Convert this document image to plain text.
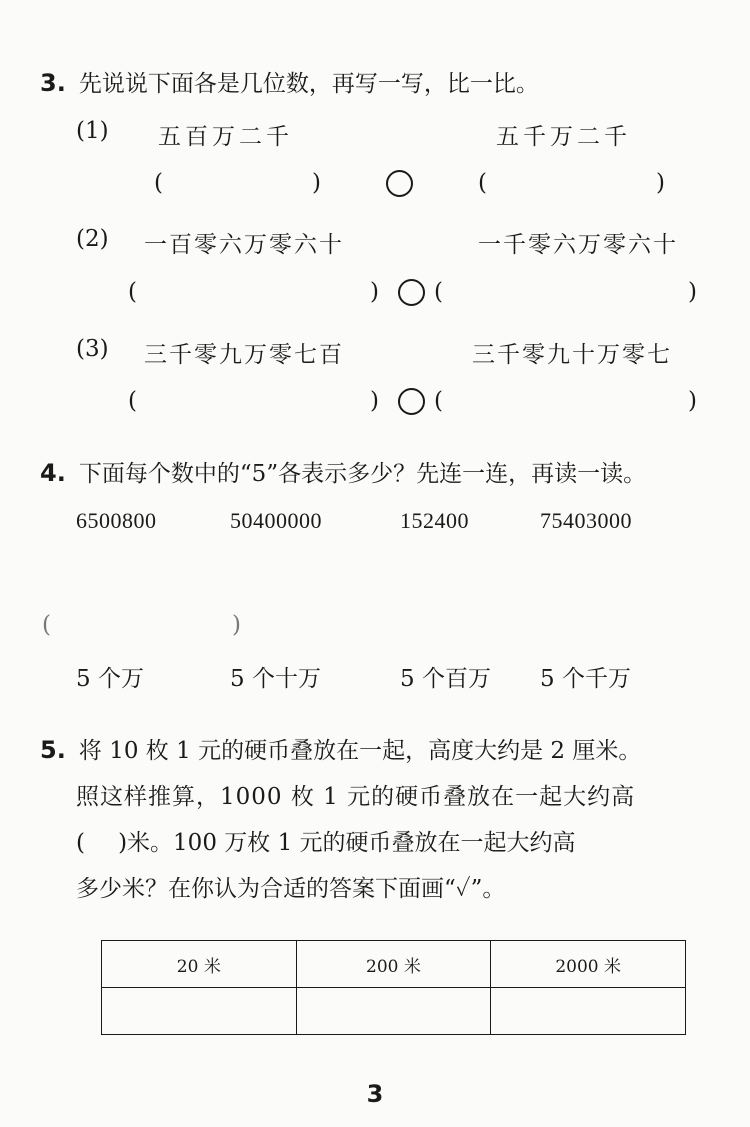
3. 先说说下面各是几位数，再写一写，比一比。
(1) 五百万二千	五千万二千
(	)	(	)
(2) 一百零六万零六十	一千零六万零六十
(	) (	)
(3) 三千零九万零七百	三千零九十万零七
(	) (	)
4. 下面每个数中的“5”各表示多少？先连一连，再读一读。
6500800	50400000	152400	75403000
(	)
5 个万	5 个十万	5 个百万 5 个千万
5. 将 10 枚 1 元的硬币叠放在一起，高度大约是 2 厘米。
照这样推算，1000 枚 1 元的硬币叠放在一起大约高
( )米。100 万枚 1 元的硬币叠放在一起大约高
多少米？在你认为合适的答案下面画“✓”。
20 米	200 米	2000 米

3
